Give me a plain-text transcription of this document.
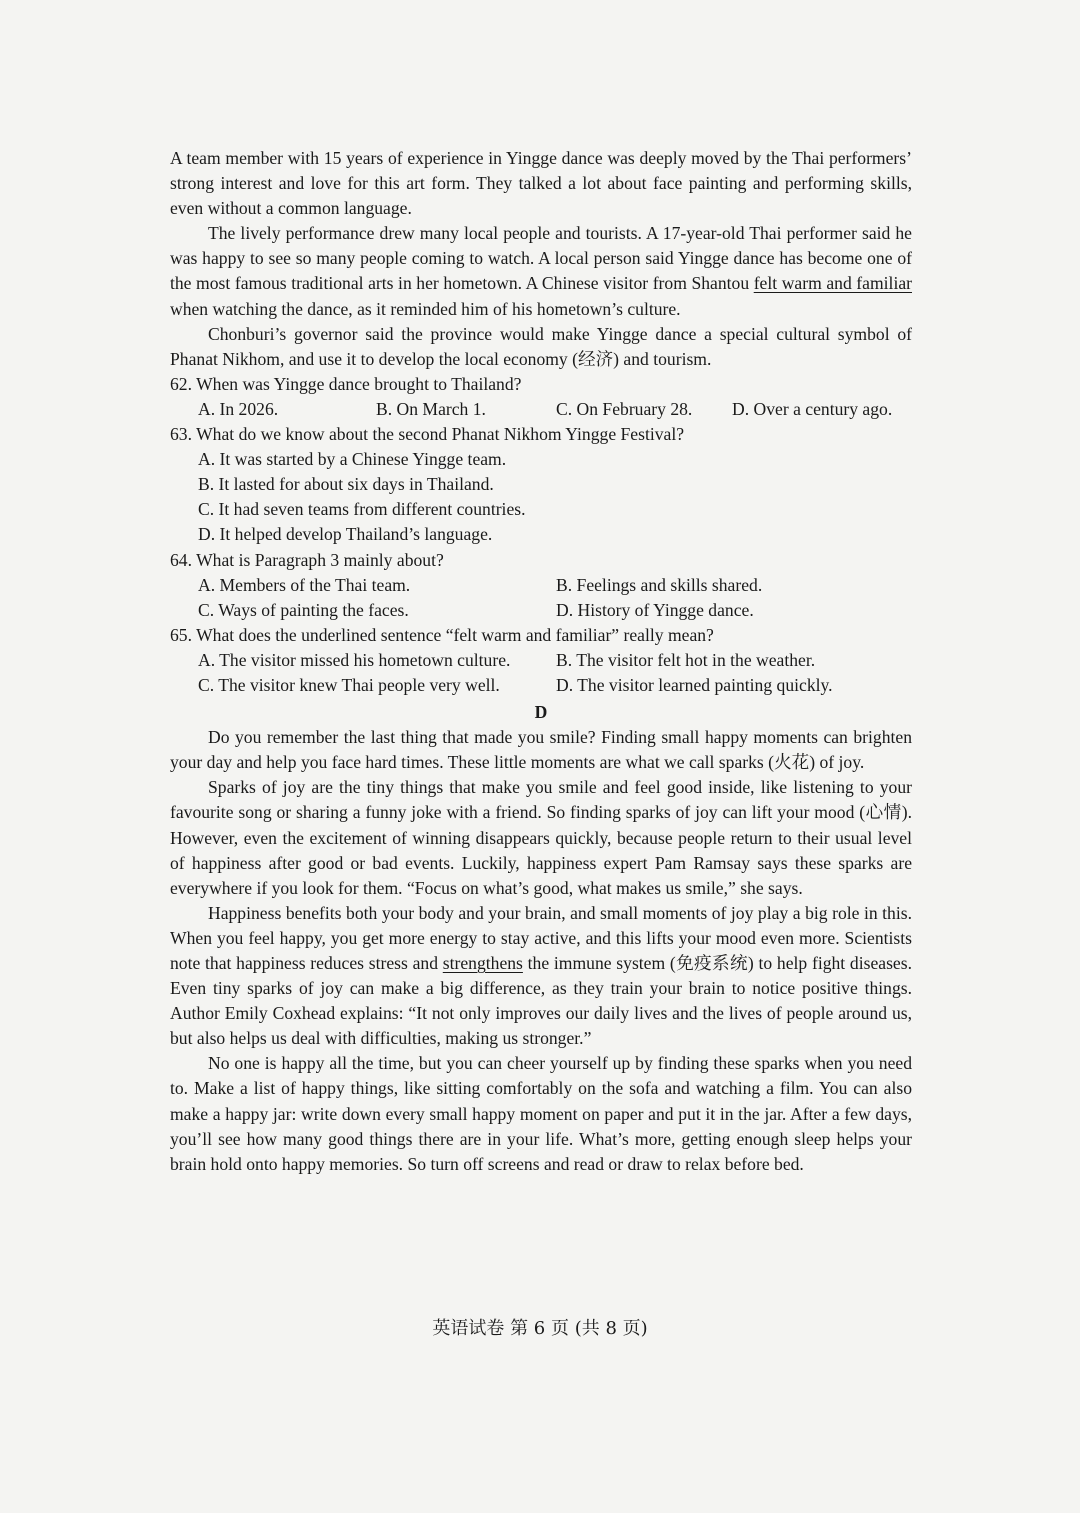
A team member with 15 years of experience in Yingge dance was deeply moved by the Thai performers’ strong interest and love for this art form. They talked a lot about face painting and performing skills, even without a common language.

The lively performance drew many local people and tourists. A 17-year-old Thai performer said he was happy to see so many people coming to watch. A local person said Yingge dance has become one of the most famous traditional arts in her hometown. A Chinese visitor from Shantou felt warm and familiar when watching the dance, as it reminded him of his hometown’s culture.

Chonburi’s governor said the province would make Yingge dance a special cultural symbol of Phanat Nikhom, and use it to develop the local economy (经济) and tourism.

62. When was Yingge dance brought to Thailand?
A. In 2026.	B. On March 1.	C. On February 28.	D. Over a century ago.
63. What do we know about the second Phanat Nikhom Yingge Festival?
A. It was started by a Chinese Yingge team.
B. It lasted for about six days in Thailand.
C. It had seven teams from different countries.
D. It helped develop Thailand’s language.
64. What is Paragraph 3 mainly about?
A. Members of the Thai team.	B. Feelings and skills shared.
C. Ways of painting the faces.	D. History of Yingge dance.
65. What does the underlined sentence “felt warm and familiar” really mean?
A. The visitor missed his hometown culture.	B. The visitor felt hot in the weather.
C. The visitor knew Thai people very well.	D. The visitor learned painting quickly.
D

Do you remember the last thing that made you smile? Finding small happy moments can brighten your day and help you face hard times. These little moments are what we call sparks (火花) of joy.

Sparks of joy are the tiny things that make you smile and feel good inside, like listening to your favourite song or sharing a funny joke with a friend. So finding sparks of joy can lift your mood (心情). However, even the excitement of winning disappears quickly, because people return to their usual level of happiness after good or bad events. Luckily, happiness expert Pam Ramsay says these sparks are everywhere if you look for them. “Focus on what’s good, what makes us smile,” she says.

Happiness benefits both your body and your brain, and small moments of joy play a big role in this. When you feel happy, you get more energy to stay active, and this lifts your mood even more. Scientists note that happiness reduces stress and strengthens the immune system (免疫系统) to help fight diseases. Even tiny sparks of joy can make a big difference, as they train your brain to notice positive things. Author Emily Coxhead explains: “It not only improves our daily lives and the lives of people around us, but also helps us deal with difficulties, making us stronger.”

No one is happy all the time, but you can cheer yourself up by finding these sparks when you need to. Make a list of happy things, like sitting comfortably on the sofa and watching a film. You can also make a happy jar: write down every small happy moment on paper and put it in the jar. After a few days, you’ll see how many good things there are in your life. What’s more, getting enough sleep helps your brain hold onto happy memories. So turn off screens and read or draw to relax before bed.

英语试卷 第 6 页 (共 8 页)
